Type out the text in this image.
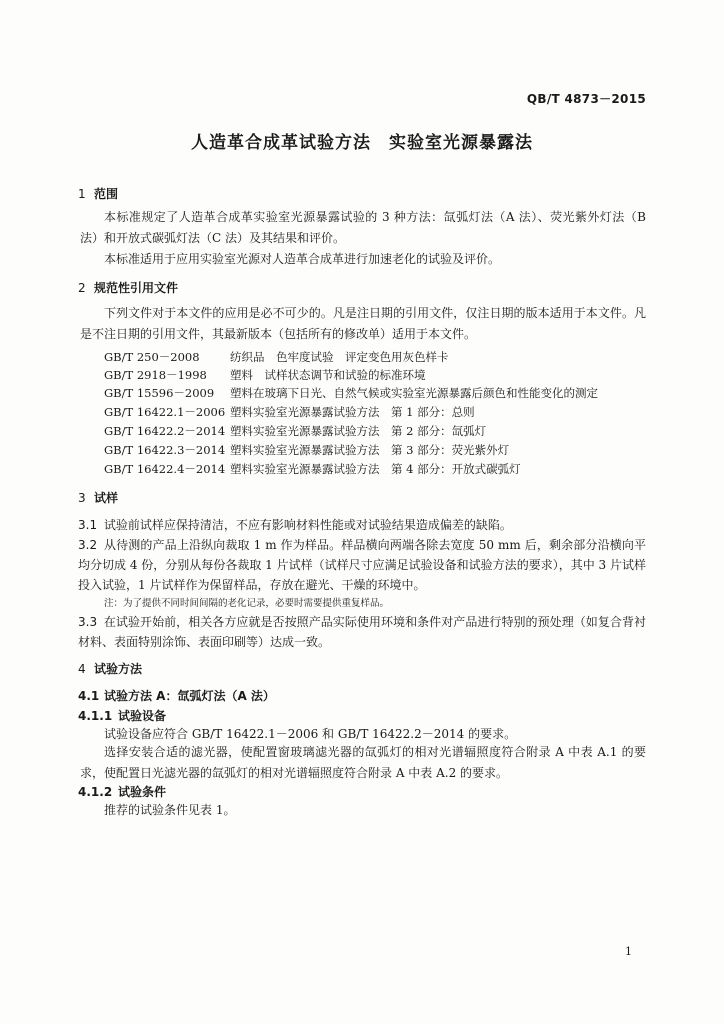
QB/T 4873－2015
人造革合成革试验方法 实验室光源暴露法
1 范围
本标准规定了人造革合成革实验室光源暴露试验的 3 种方法：氙弧灯法（A 法）、荧光紫外灯法（B 法）和开放式碳弧灯法（C 法）及其结果和评价。
本标准适用于应用实验室光源对人造革合成革进行加速老化的试验及评价。
2 规范性引用文件
下列文件对于本文件的应用是必不可少的。凡是注日期的引用文件，仅注日期的版本适用于本文件。凡是不注日期的引用文件，其最新版本（包括所有的修改单）适用于本文件。
GB/T 250－2008	纺织品　色牢度试验　评定变色用灰色样卡
GB/T 2918－1998 塑料　试样状态调节和试验的标准环境
GB/T 15596－2009 塑料在玻璃下日光、自然气候或实验室光源暴露后颜色和性能变化的测定
GB/T 16422.1－2006 塑料实验室光源暴露试验方法　第 1 部分：总则
GB/T 16422.2－2014 塑料实验室光源暴露试验方法　第 2 部分：氙弧灯
GB/T 16422.3－2014 塑料实验室光源暴露试验方法　第 3 部分：荧光紫外灯
GB/T 16422.4－2014 塑料实验室光源暴露试验方法　第 4 部分：开放式碳弧灯
3 试样
3.1 试验前试样应保持清洁，不应有影响材料性能或对试验结果造成偏差的缺陷。
3.2 从待测的产品上沿纵向裁取 1 m 作为样品。样品横向两端各除去宽度 50 mm 后，剩余部分沿横向平均分切成 4 份，分别从每份各裁取 1 片试样（试样尺寸应满足试验设备和试验方法的要求），其中 3 片试样投入试验，1 片试样作为保留样品，存放在避光、干燥的环境中。
注：为了提供不同时间间隔的老化记录，必要时需要提供重复样品。
3.3 在试验开始前，相关各方应就是否按照产品实际使用环境和条件对产品进行特别的预处理（如复合背衬材料、表面特别涂饰、表面印刷等）达成一致。
4 试验方法
4.1 试验方法 A：氙弧灯法（A 法）
4.1.1 试验设备
试验设备应符合 GB/T 16422.1－2006 和 GB/T 16422.2－2014 的要求。
选择安装合适的滤光器，使配置窗玻璃滤光器的氙弧灯的相对光谱辐照度符合附录 A 中表 A.1 的要求，使配置日光滤光器的氙弧灯的相对光谱辐照度符合附录 A 中表 A.2 的要求。
4.1.2 试验条件
推荐的试验条件见表 1。
1
